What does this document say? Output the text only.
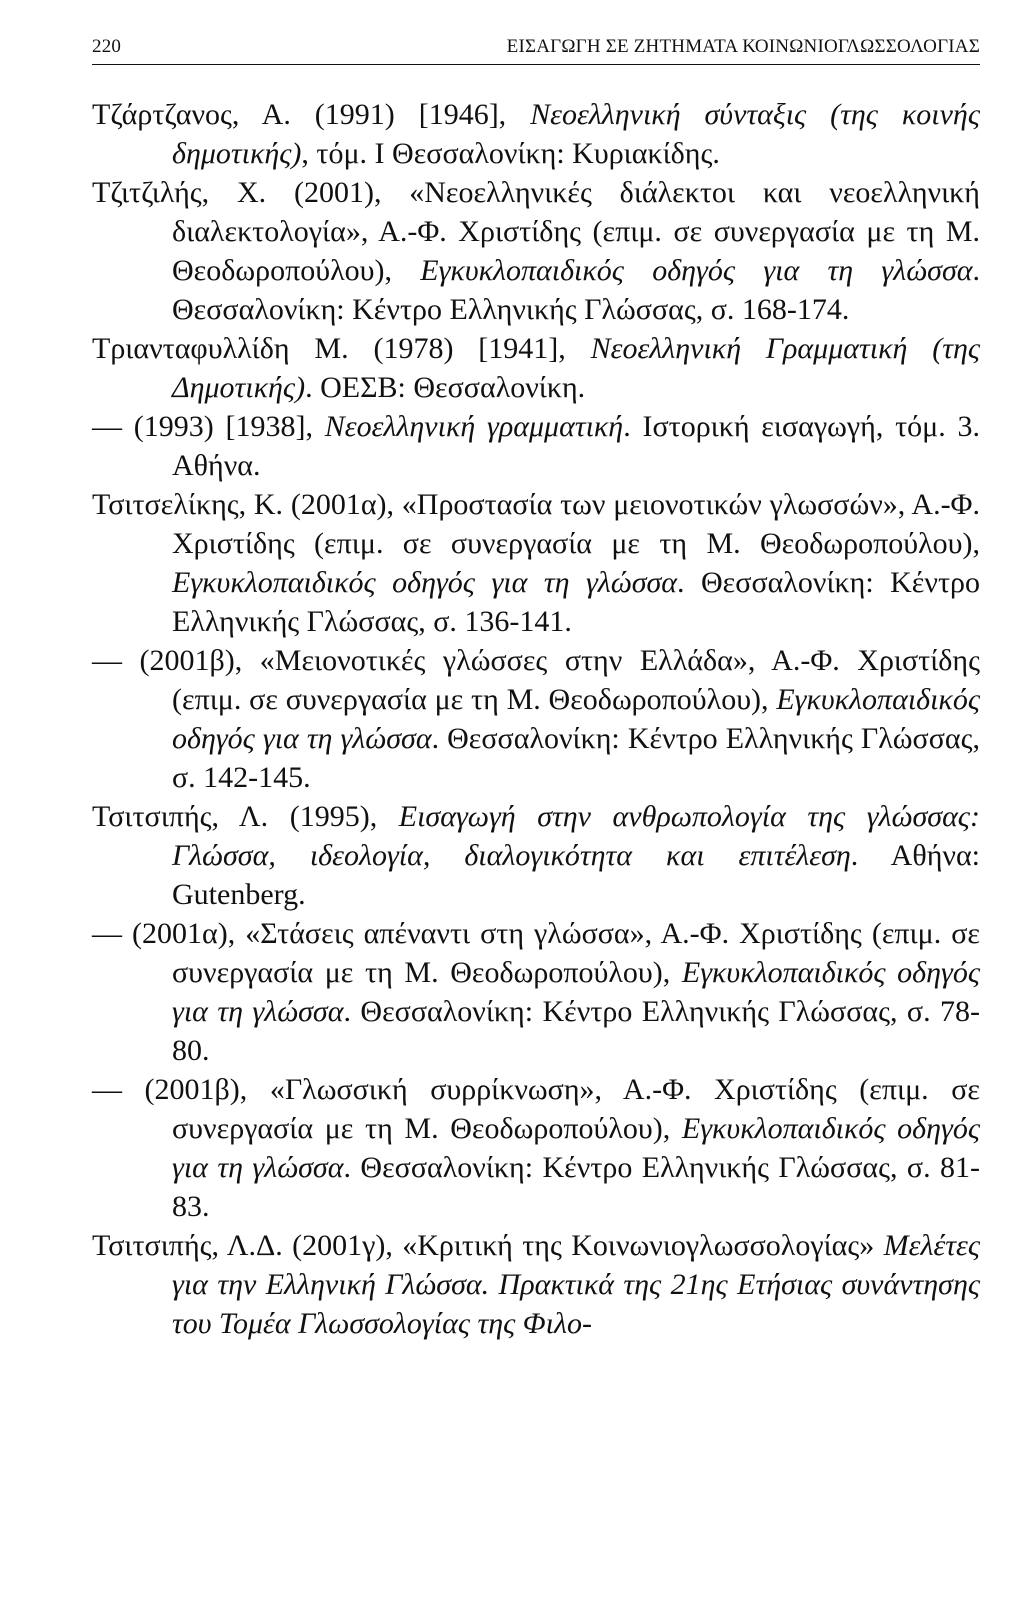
220	ΕΙΣΑΓΩΓΗ ΣΕ ΖΗΤΗΜΑΤΑ ΚΟΙΝΩΝΙΟΓΛΩΣΣΟΛΟΓΙΑΣ

Τζάρτζανος, Α. (1991) [1946], Νεοελληνική σύνταξις (της κοινής δημοτικής), τόμ. Ι Θεσσαλονίκη: Κυριακίδης.

Τζιτζιλής, Χ. (2001), «Νεοελληνικές διάλεκτοι και νεοελληνική διαλεκτολογία», Α.-Φ. Χριστίδης (επιμ. σε συνεργασία με τη Μ. Θεοδωροπούλου), Εγκυκλοπαιδικός οδηγός για τη γλώσσα. Θεσσαλονίκη: Κέντρο Ελληνικής Γλώσσας, σ. 168-174.

Τριανταφυλλίδη Μ. (1978) [1941], Νεοελληνική Γραμματική (της Δημοτικής). ΟΕΣΒ: Θεσσαλονίκη.

— (1993) [1938], Νεοελληνική γραμματική. Ιστορική εισαγωγή, τόμ. 3. Αθήνα.

Τσιτσελίκης, Κ. (2001α), «Προστασία των μειονοτικών γλωσσών», Α.-Φ. Χριστίδης (επιμ. σε συνεργασία με τη Μ. Θεοδωροπούλου), Εγκυκλοπαιδικός οδηγός για τη γλώσσα. Θεσσαλονίκη: Κέντρο Ελληνικής Γλώσσας, σ. 136-141.

— (2001β), «Μειονοτικές γλώσσες στην Ελλάδα», Α.-Φ. Χριστίδης (επιμ. σε συνεργασία με τη Μ. Θεοδωροπούλου), Εγκυκλοπαιδικός οδηγός για τη γλώσσα. Θεσσαλονίκη: Κέντρο Ελληνικής Γλώσσας, σ. 142-145.

Τσιτσιπής, Λ. (1995), Εισαγωγή στην ανθρωπολογία της γλώσσας: Γλώσσα, ιδεολογία, διαλογικότητα και επιτέλεση. Αθήνα: Gutenberg.

— (2001α), «Στάσεις απέναντι στη γλώσσα», Α.-Φ. Χριστίδης (επιμ. σε συνεργασία με τη Μ. Θεοδωροπούλου), Εγκυκλοπαιδικός οδηγός για τη γλώσσα. Θεσσαλονίκη: Κέντρο Ελληνικής Γλώσσας, σ. 78-80.

— (2001β), «Γλωσσική συρρίκνωση», Α.-Φ. Χριστίδης (επιμ. σε συνεργασία με τη Μ. Θεοδωροπούλου), Εγκυκλοπαιδικός οδηγός για τη γλώσσα. Θεσσαλονίκη: Κέντρο Ελληνικής Γλώσσας, σ. 81-83.

Τσιτσιπής, Λ.Δ. (2001γ), «Κριτική της Κοινωνιογλωσσολογίας» Μελέτες για την Ελληνική Γλώσσα. Πρακτικά της 21ης Ετήσιας συνάντησης του Τομέα Γλωσσολογίας της Φιλο-
